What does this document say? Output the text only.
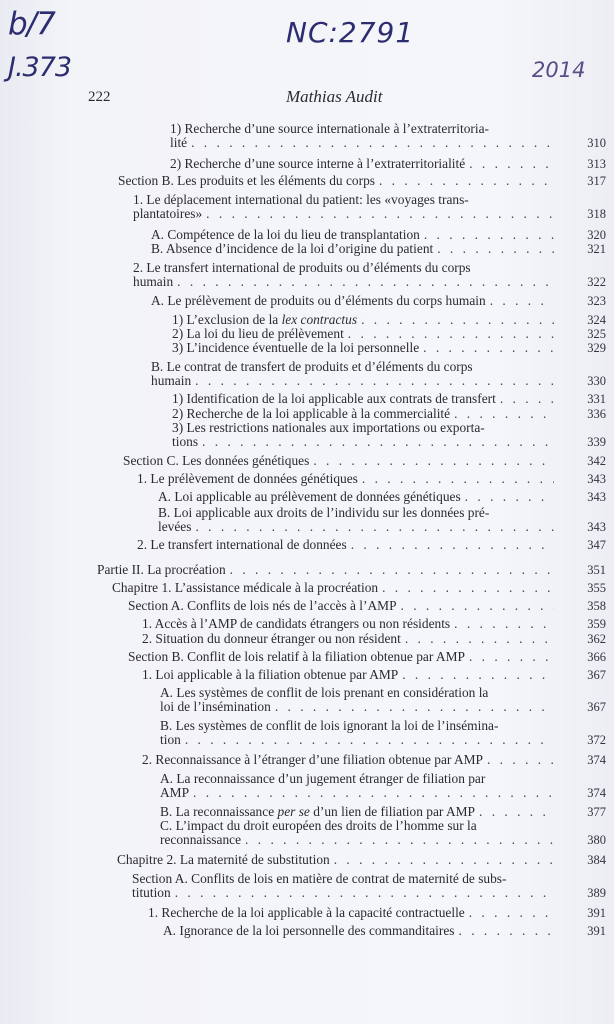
b/7
J.373
NC:2791
2014
222	Mathias Audit
1) Recherche d’une source internationale à l’extraterritoria-
lité . . .	310
2) Recherche d’une source interne à l’extraterritorialité . . .	313
Section B. Les produits et les éléments du corps . . .	317
1. Le déplacement international du patient: les «voyages trans-
plantatoires» . . .	318
A. Compétence de la loi du lieu de transplantation . . .	320
B. Absence d’incidence de la loi d’origine du patient . . .	321
2. Le transfert international de produits ou d’éléments du corps
humain . . .	322
A. Le prélèvement de produits ou d’éléments du corps humain . . .	323
1) L’exclusion de la lex contractus . . .	324
2) La loi du lieu de prélèvement . . .	325
3) L’incidence éventuelle de la loi personnelle . . .	329
B. Le contrat de transfert de produits et d’éléments du corps
humain . . .	330
1) Identification de la loi applicable aux contrats de transfert . . .	331
2) Recherche de la loi applicable à la commercialité . . .	336
3) Les restrictions nationales aux importations ou exporta-
tions . . .	339
Section C. Les données génétiques . . .	342
1. Le prélèvement de données génétiques . . .	343
A. Loi applicable au prélèvement de données génétiques . . .	343
B. Loi applicable aux droits de l’individu sur les données pré-
levées . . .	343
2. Le transfert international de données . . .	347
Partie II. La procréation . . .	351
Chapitre 1. L’assistance médicale à la procréation . . .	355
Section A. Conflits de lois nés de l’accès à l’AMP . . .	358
1. Accès à l’AMP de candidats étrangers ou non résidents . . .	359
2. Situation du donneur étranger ou non résident . . .	362
Section B. Conflit de lois relatif à la filiation obtenue par AMP . . .	366
1. Loi applicable à la filiation obtenue par AMP . . .	367
A. Les systèmes de conflit de lois prenant en considération la
loi de l’insémination . . .	367
B. Les systèmes de conflit de lois ignorant la loi de l’insémina-
tion . . .	372
2. Reconnaissance à l’étranger d’une filiation obtenue par AMP . . .	374
A. La reconnaissance d’un jugement étranger de filiation par
AMP . . .	374
B. La reconnaissance per se d’un lien de filiation par AMP . . .	377
C. L’impact du droit européen des droits de l’homme sur la
reconnaissance . . .	380
Chapitre 2. La maternité de substitution . . .	384
Section A. Conflits de lois en matière de contrat de maternité de subs-
titution . . .	389
1. Recherche de la loi applicable à la capacité contractuelle . . .	391
A. Ignorance de la loi personnelle des commanditaires . . .	391
